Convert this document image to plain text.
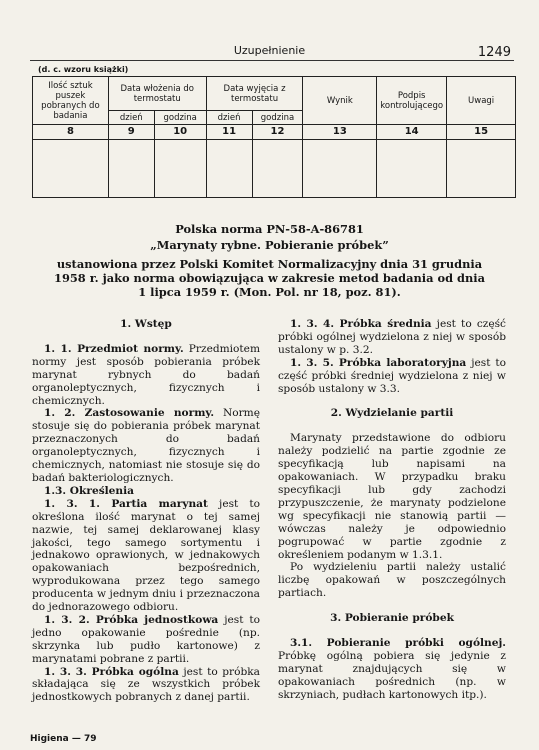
Uzupełnienie	1249
(d. c. wzoru książki)
Ilość sztuk puszek pobranych do badania	Data włożenia do termostatu		Data wyjęcia z termostatu		Wynik	Podpis kontrolującego	Uwagi
	dzień	godzina	dzień	godzina			
8	9	10	11	12	13	14	15

Polska norma PN-58-A-86781
„Marynaty rybne. Pobieranie próbek”
ustanowiona przez Polski Komitet Normalizacyjny dnia 31 grudnia
1958 r. jako norma obowiązująca w zakresie metod badania od dnia
1 lipca 1959 r. (Mon. Pol. nr 18, poz. 81).

1. Wstęp

1. 1. Przedmiot normy. Przedmiotem normy jest sposób pobierania próbek marynat rybnych do badań organoleptycznych, fizycznych i chemicznych.

1. 2. Zastosowanie normy. Normę stosuje się do pobierania próbek marynat przeznaczonych do badań organoleptycznych, fizycznych i chemicznych, natomiast nie stosuje się do badań bakteriologicznych.

1.3. Określenia

1. 3. 1. Partia marynat jest to określona ilość marynat o tej samej nazwie, tej samej deklarowanej klasy jakości, tego samego sortymentu i jednakowo oprawionych, w jednakowych opakowaniach bezpośrednich, wyprodukowana przez tego samego producenta w jednym dniu i przeznaczona do jednorazowego odbioru.

1. 3. 2. Próbka jednostkowa jest to jedno opakowanie pośrednie (np. skrzynka lub pudło kartonowe) z marynatami pobrane z partii.

1. 3. 3. Próbka ogólna jest to próbka składająca się ze wszystkich próbek jednostkowych pobranych z danej partii.

1. 3. 4. Próbka średnia jest to część próbki ogólnej wydzielona z niej w sposób ustalony w p. 3.2.

1. 3. 5. Próbka laboratoryjna jest to część próbki średniej wydzielona z niej w sposób ustalony w 3.3.

2. Wydzielanie partii

Marynaty przedstawione do odbioru należy podzielić na partie zgodnie ze specyfikacją lub napisami na opakowaniach. W przypadku braku specyfikacji lub gdy zachodzi przypuszczenie, że marynaty podzielone wg specyfikacji nie stanowią partii — wówczas należy je odpowiednio pogrupować w partie zgodnie z określeniem podanym w 1.3.1.

Po wydzieleniu partii należy ustalić liczbę opakowań w poszczególnych partiach.

3. Pobieranie próbek

3.1. Pobieranie próbki ogólnej. Próbkę ogólną pobiera się jedynie z marynat znajdujących się w opakowaniach pośrednich (np. w skrzyniach, pudłach kartonowych itp.).

Higiena — 79
